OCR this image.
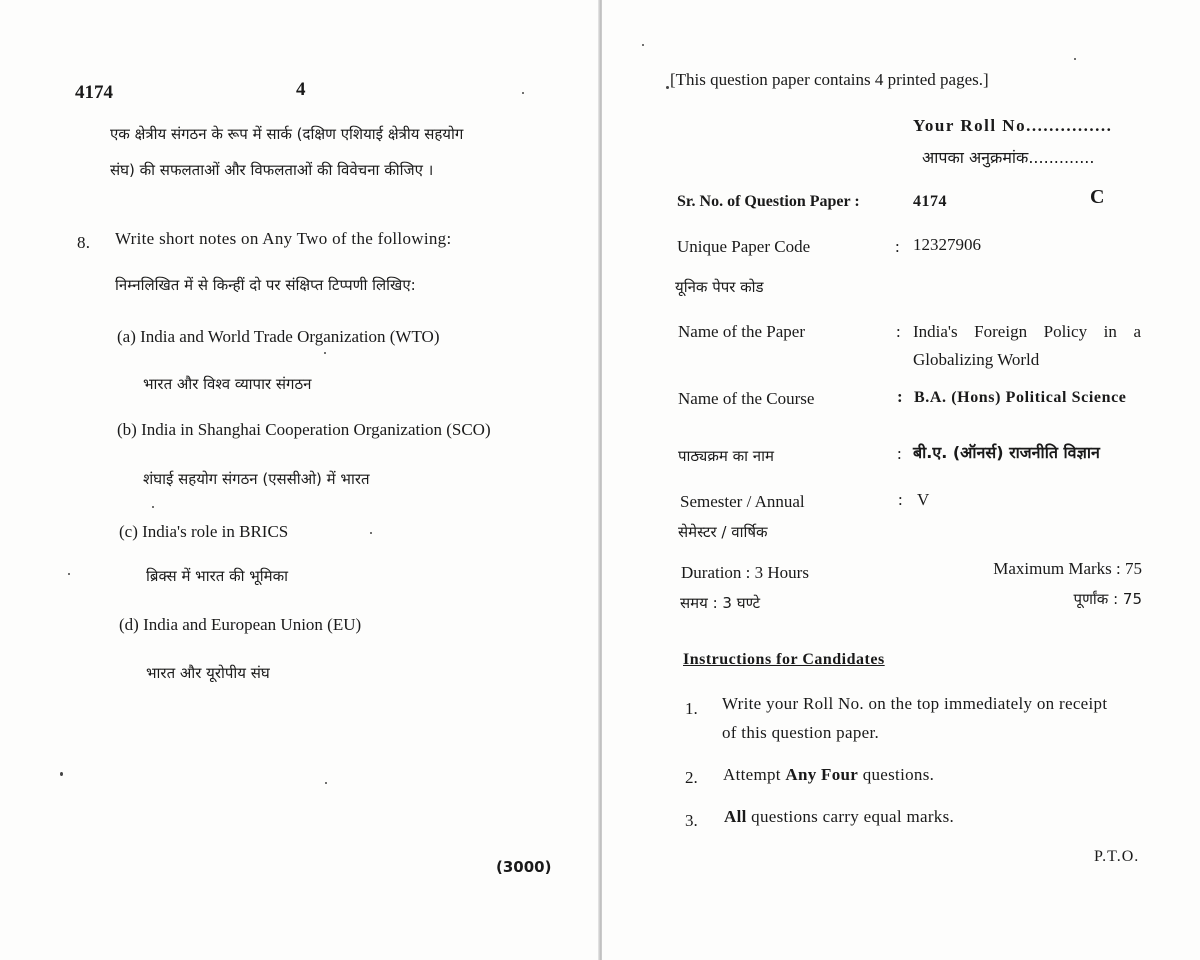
4174	4
एक क्षेत्रीय संगठन के रूप में सार्क (दक्षिण एशियाई क्षेत्रीय सहयोग
संघ) की सफलताओं और विफलताओं की विवेचना कीजिए ।
8. Write short notes on Any Two of the following:
निम्नलिखित में से किन्हीं दो पर संक्षिप्त टिप्पणी लिखिए:
(a) India and World Trade Organization (WTO)
भारत और विश्व व्यापार संगठन
(b) India in Shanghai Cooperation Organization (SCO)
शंघाई सहयोग संगठन (एससीओ) में भारत
(c) India's role in BRICS
ब्रिक्स में भारत की भूमिका
(d) India and European Union (EU)
भारत और यूरोपीय संघ
(3000)
[This question paper contains 4 printed pages.]
Your Roll No...............
आपका अनुक्रमांक.............
Sr. No. of Question Paper :	4174	C
Unique Paper Code	: 12327906
यूनिक पेपर कोड
Name of the Paper	: India's Foreign Policy in a Globalizing World
Name of the Course	: B.A. (Hons) Political Science
पाठ्यक्रम का नाम	: बी.ए. (ऑनर्स) राजनीति विज्ञान
Semester / Annual	: V
सेमेस्टर / वार्षिक
Duration : 3 Hours
समय : 3 घण्टे
Maximum Marks : 75
पूर्णांक : 75
Instructions for Candidates
1. Write your Roll No. on the top immediately on receipt
of this question paper.
2. Attempt Any Four questions.
3. All questions carry equal marks.
P.T.O.
